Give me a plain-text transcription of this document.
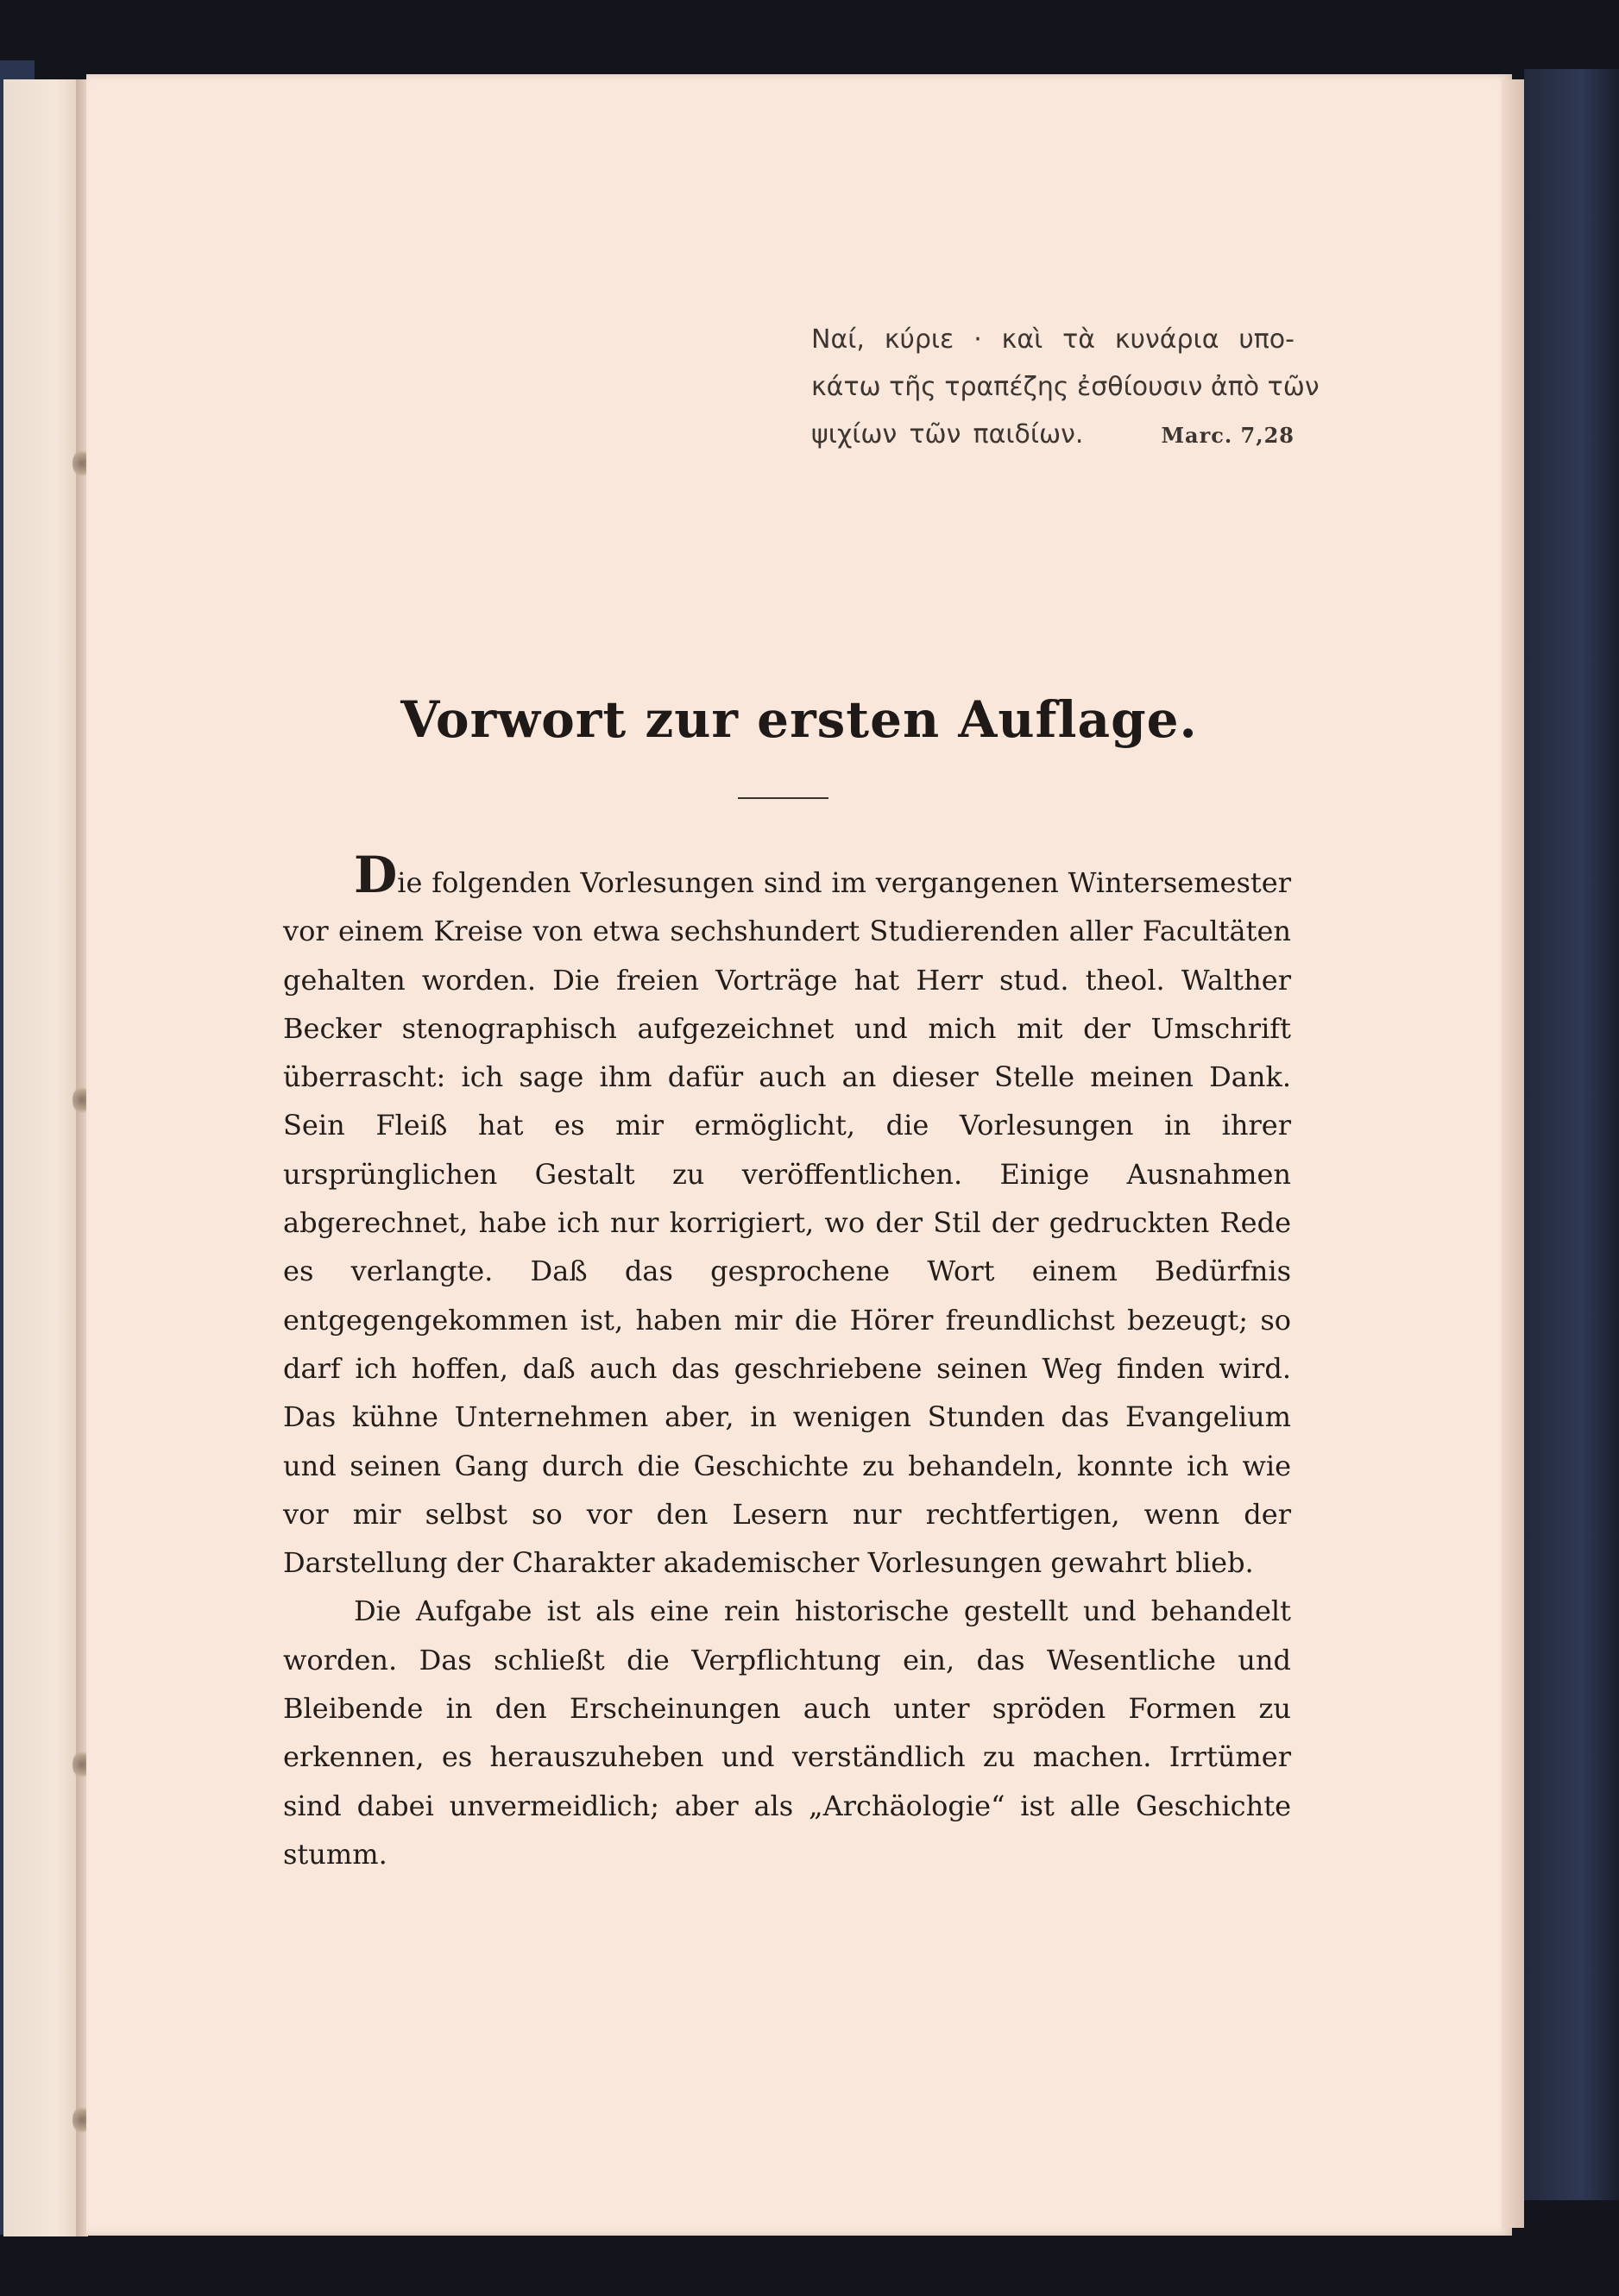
Ναί, κύριε · καὶ τὰ κυνάρια υπο-
κάτω τῆς τραπέζης ἐσθίουσιν ἀπὸ τῶν
ψιχίων τῶν παιδίων.	Marc. 7,28
Vorwort zur ersten Auflage.

Die folgenden Vorlesungen sind im vergangenen Wintersemester vor einem Kreise von etwa sechshundert Studierenden aller Facultäten gehalten worden. Die freien Vorträge hat Herr stud. theol. Walther Becker stenographisch aufgezeichnet und mich mit der Umschrift überrascht: ich sage ihm dafür auch an dieser Stelle meinen Dank. Sein Fleiß hat es mir ermöglicht, die Vorlesungen in ihrer ursprünglichen Gestalt zu veröffentlichen. Einige Ausnahmen abgerechnet, habe ich nur korrigiert, wo der Stil der gedruckten Rede es verlangte. Daß das gesprochene Wort einem Bedürfnis entgegengekommen ist, haben mir die Hörer freundlichst bezeugt; so darf ich hoffen, daß auch das geschriebene seinen Weg finden wird. Das kühne Unternehmen aber, in wenigen Stunden das Evangelium und seinen Gang durch die Geschichte zu behandeln, konnte ich wie vor mir selbst so vor den Lesern nur rechtfertigen, wenn der Darstellung der Charakter akademischer Vorlesungen gewahrt blieb.

Die Aufgabe ist als eine rein historische gestellt und behandelt worden. Das schließt die Verpflichtung ein, das Wesentliche und Bleibende in den Erscheinungen auch unter spröden Formen zu erkennen, es herauszuheben und verständlich zu machen. Irrtümer sind dabei unvermeidlich; aber als „Archäologie“ ist alle Geschichte stumm.
